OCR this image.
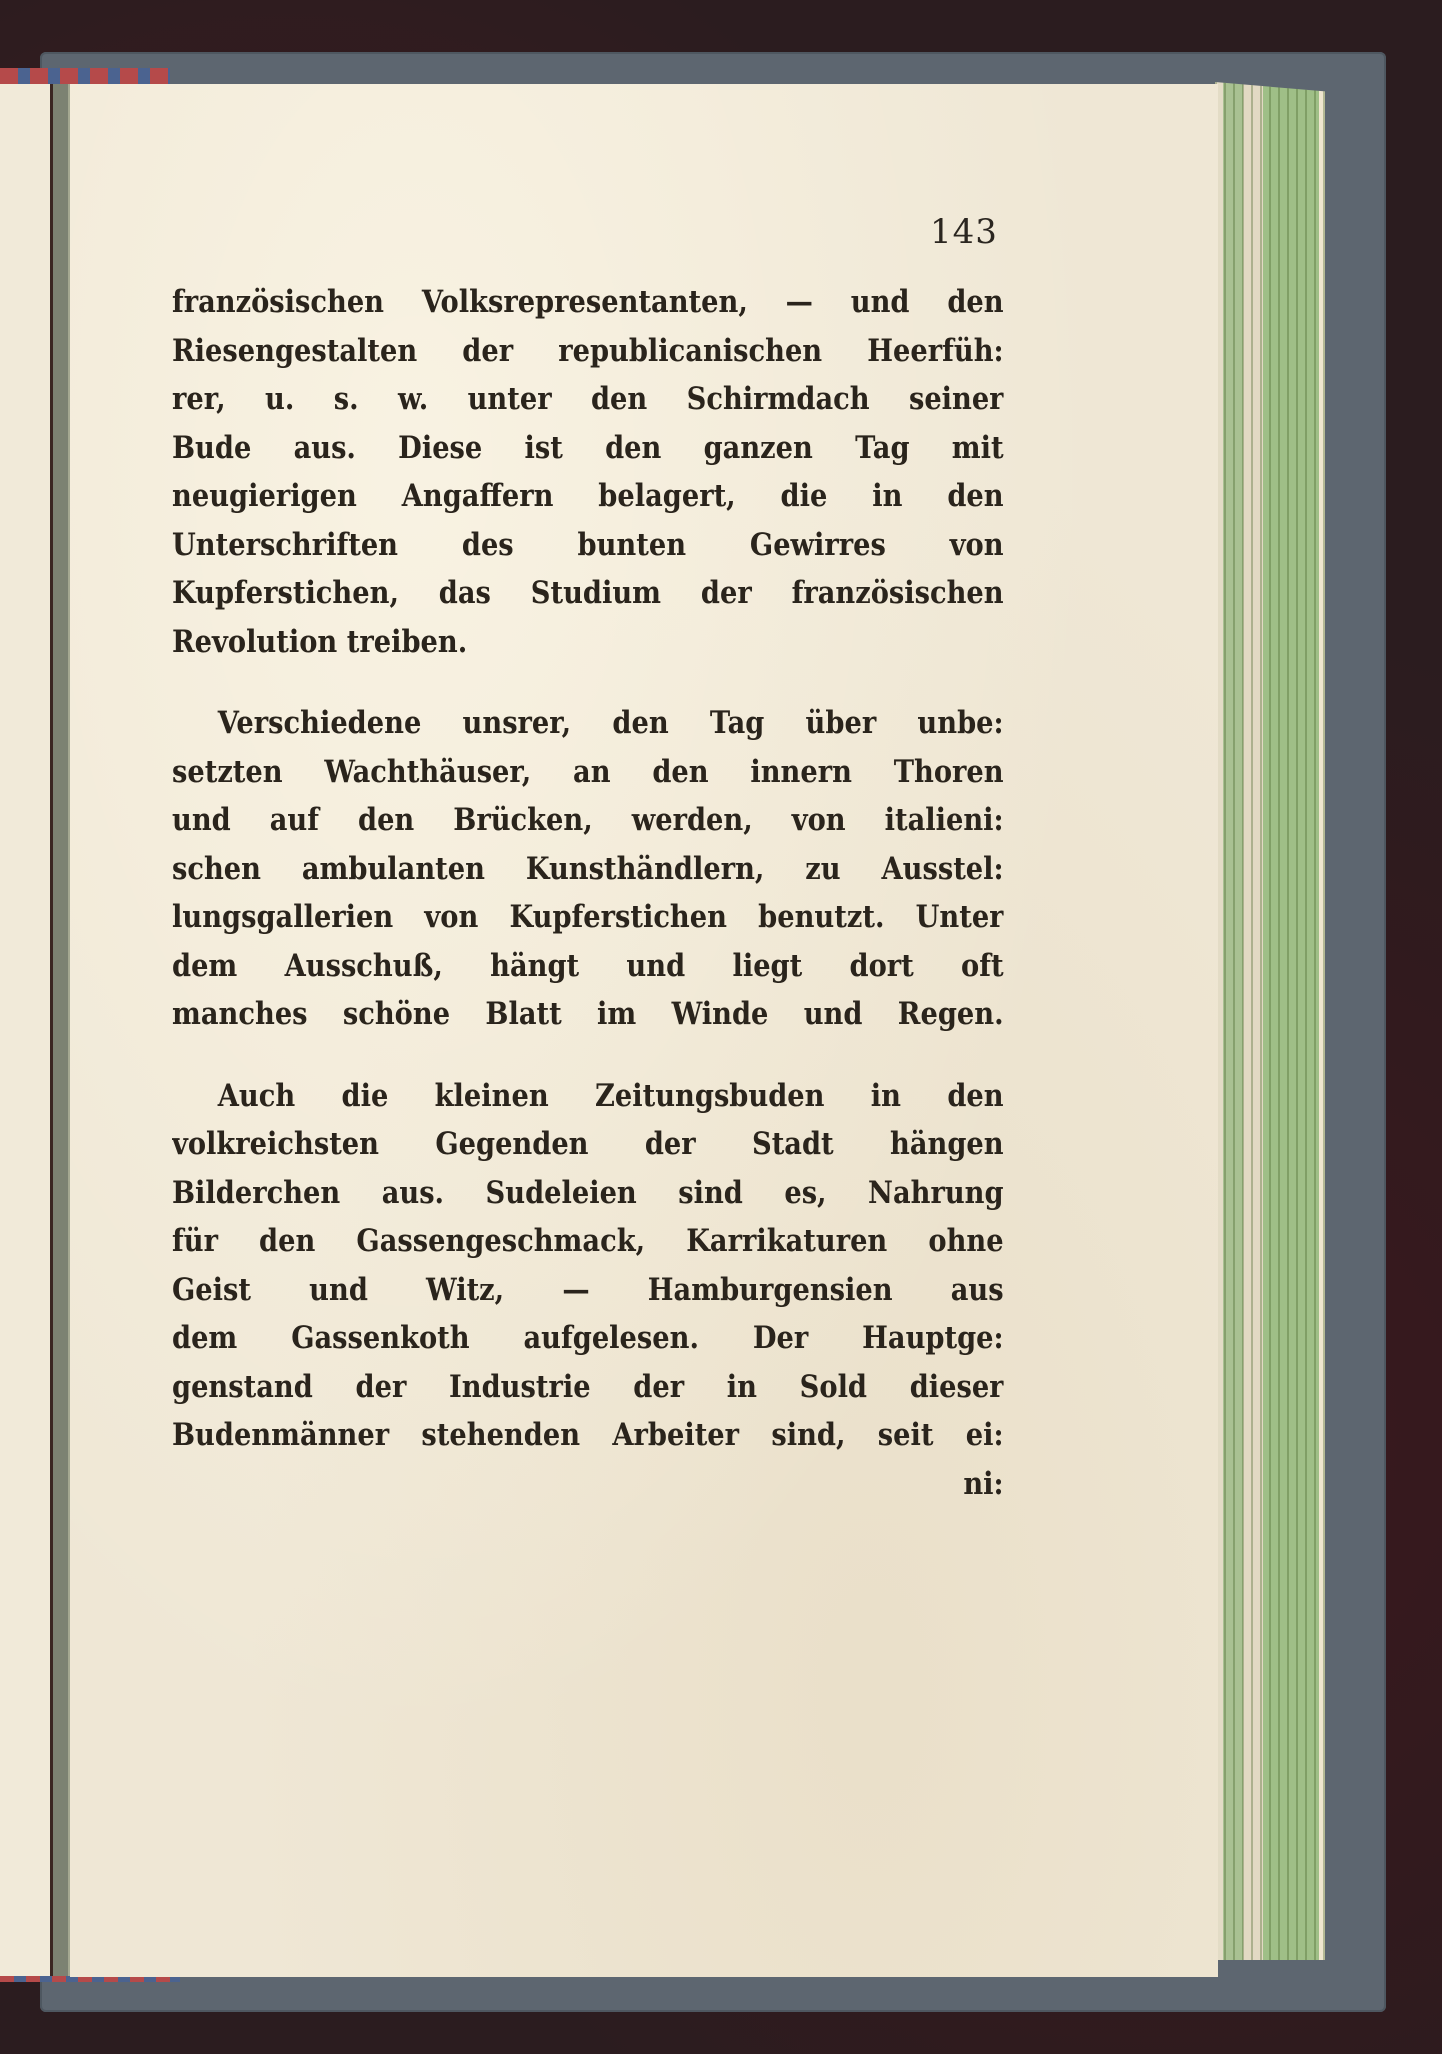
143
französischen Volksrepresentanten, — und den
Riesengestalten der republicanischen Heerfüh:
rer, u. s. w. unter den Schirmdach seiner
Bude aus. Diese ist den ganzen Tag mit
neugierigen Angaffern belagert, die in den
Unterschriften des bunten Gewirres von
Kupferstichen, das Studium der französischen
Revolution treiben.
Verschiedene unsrer, den Tag über unbe:
setzten Wachthäuser, an den innern Thoren
und auf den Brücken, werden, von italieni:
schen ambulanten Kunsthändlern, zu Ausstel:
lungsgallerien von Kupferstichen benutzt. Unter
dem Ausschuß, hängt und liegt dort oft
manches schöne Blatt im Winde und Regen.
Auch die kleinen Zeitungsbuden in den
volkreichsten Gegenden der Stadt hängen
Bilderchen aus. Sudeleien sind es, Nahrung
für den Gassengeschmack, Karrikaturen ohne
Geist und Witz, — Hamburgensien aus
dem Gassenkoth aufgelesen. Der Hauptge:
genstand der Industrie der in Sold dieser
Budenmänner stehenden Arbeiter sind, seit ei:
ni:
